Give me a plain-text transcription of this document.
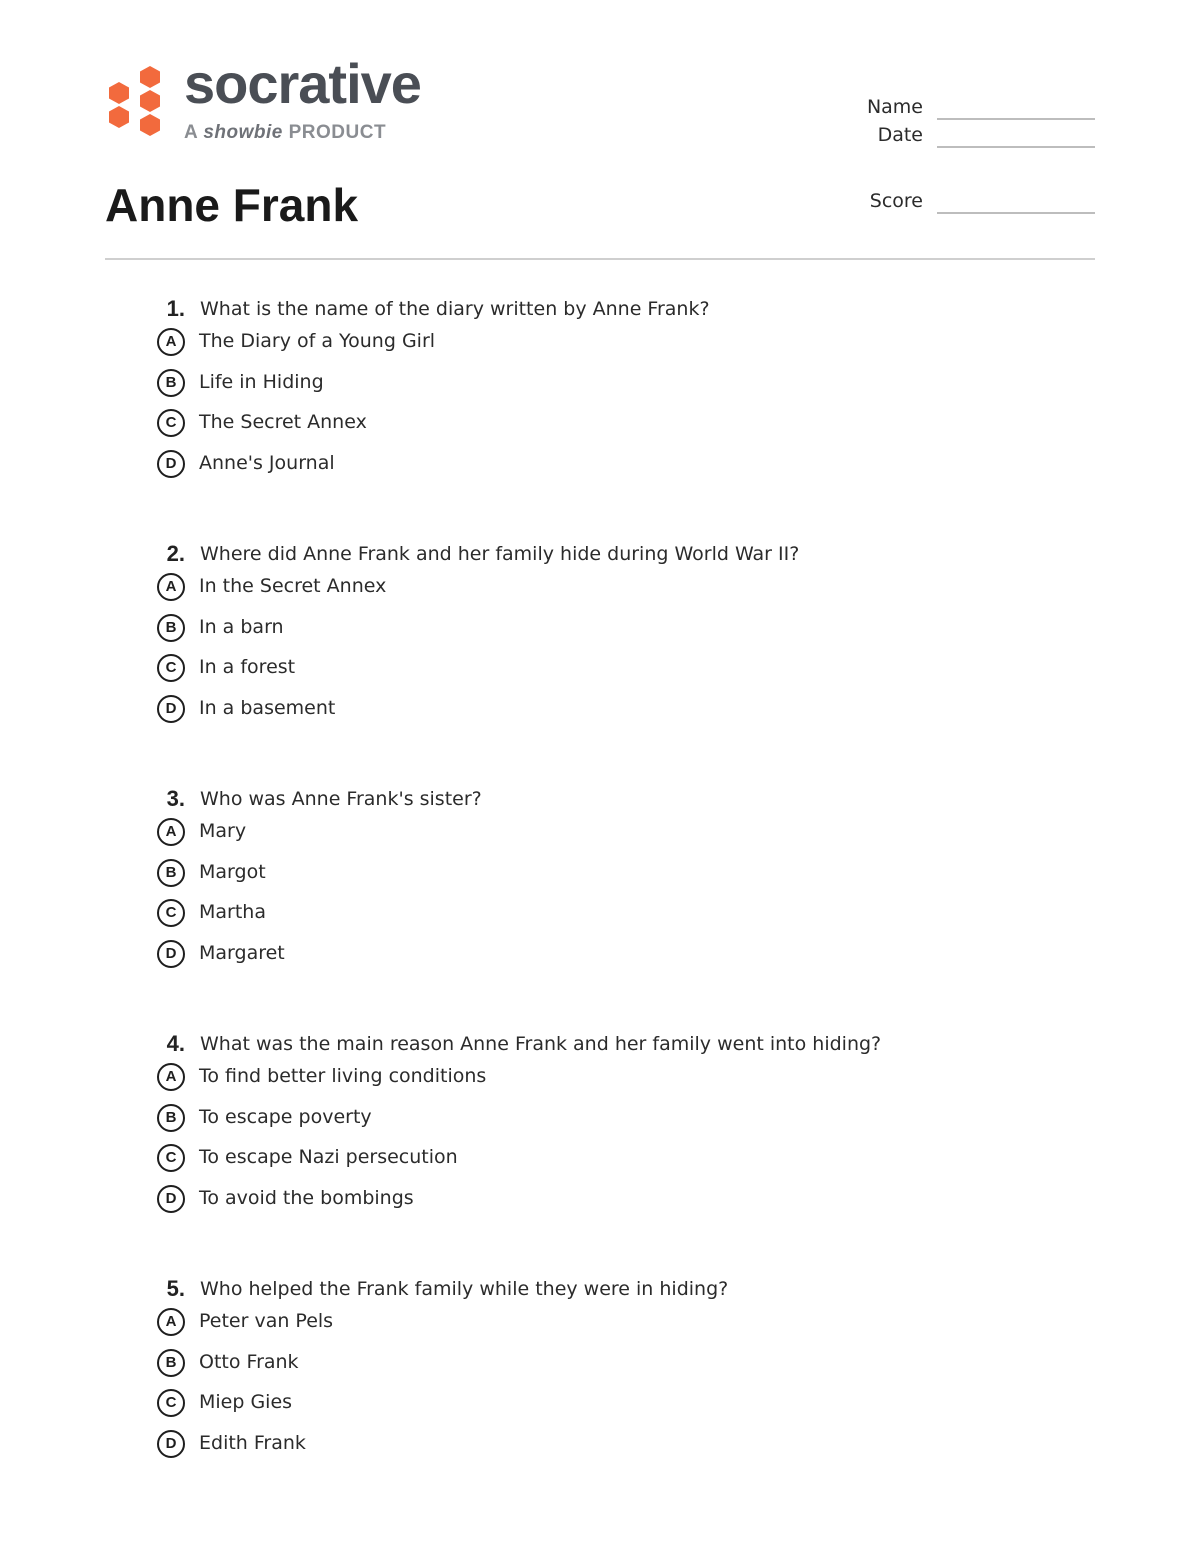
socrative
A showbie PRODUCT
Name
Date
Score
Anne Frank
1. What is the name of the diary written by Anne Frank?
A	The Diary of a Young Girl
B	Life in Hiding
C	The Secret Annex
D	Anne's Journal
2. Where did Anne Frank and her family hide during World War II?
A	In the Secret Annex
B	In a barn
C	In a forest
D	In a basement
3. Who was Anne Frank's sister?
A	Mary
B	Margot
C	Martha
D	Margaret
4. What was the main reason Anne Frank and her family went into hiding?
A	To find better living conditions
B	To escape poverty
C	To escape Nazi persecution
D	To avoid the bombings
5. Who helped the Frank family while they were in hiding?
A	Peter van Pels
B	Otto Frank
C	Miep Gies
D	Edith Frank
